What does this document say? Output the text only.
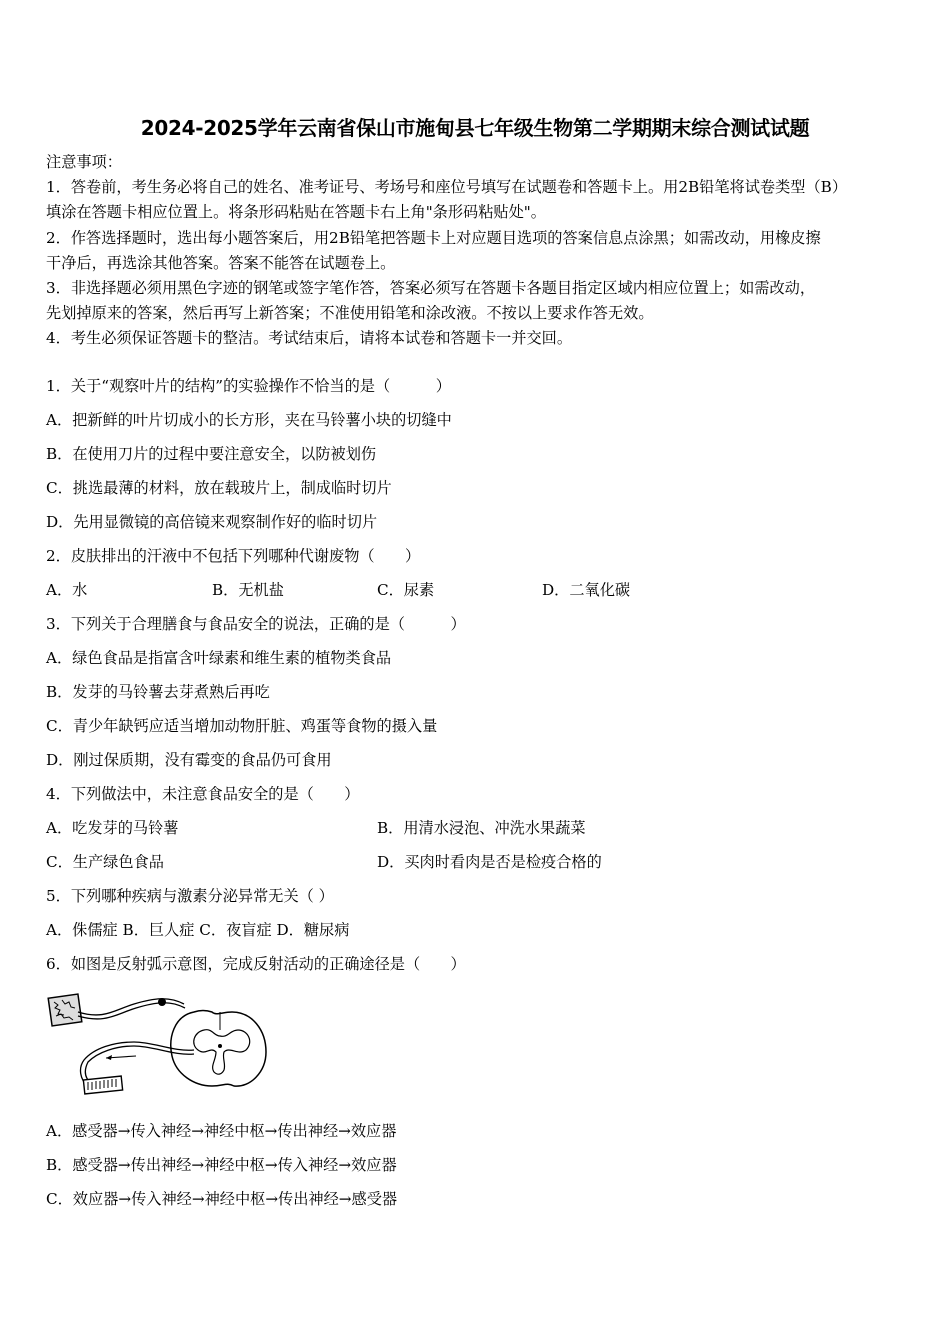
2024-2025学年云南省保山市施甸县七年级生物第二学期期末综合测试试题
注意事项：
1．答卷前，考生务必将自己的姓名、准考证号、考场号和座位号填写在试题卷和答题卡上。用2B铅笔将试卷类型（B）
填涂在答题卡相应位置上。将条形码粘贴在答题卡右上角"条形码粘贴处"。
2．作答选择题时，选出每小题答案后，用2B铅笔把答题卡上对应题目选项的答案信息点涂黑；如需改动，用橡皮擦
干净后，再选涂其他答案。答案不能答在试题卷上。
3．非选择题必须用黑色字迹的钢笔或签字笔作答，答案必须写在答题卡各题目指定区域内相应位置上；如需改动，
先划掉原来的答案，然后再写上新答案；不准使用铅笔和涂改液。不按以上要求作答无效。
4．考生必须保证答题卡的整洁。考试结束后，请将本试卷和答题卡一并交回。
1．关于“观察叶片的结构”的实验操作不恰当的是（　　　）
A．把新鲜的叶片切成小的长方形，夹在马铃薯小块的切缝中
B．在使用刀片的过程中要注意安全，以防被划伤
C．挑选最薄的材料，放在载玻片上，制成临时切片
D．先用显微镜的高倍镜来观察制作好的临时切片
2．皮肤排出的汗液中不包括下列哪种代谢废物（　　）
A．水	B．无机盐	C．尿素	D．二氧化碳
3．下列关于合理膳食与食品安全的说法，正确的是（　　　）
A．绿色食品是指富含叶绿素和维生素的植物类食品
B．发芽的马铃薯去芽煮熟后再吃
C．青少年缺钙应适当增加动物肝脏、鸡蛋等食物的摄入量
D．刚过保质期，没有霉变的食品仍可食用
4．下列做法中，未注意食品安全的是（　　）
A．吃发芽的马铃薯	B．用清水浸泡、冲洗水果蔬菜
C．生产绿色食品	D．买肉时看肉是否是检疫合格的
5．下列哪种疾病与激素分泌异常无关（ ）
A．侏儒症 B．巨人症 C．夜盲症 D．糖尿病
6．如图是反射弧示意图，完成反射活动的正确途径是（　　）
A．感受器→传入神经→神经中枢→传出神经→效应器
B．感受器→传出神经→神经中枢→传入神经→效应器
C．效应器→传入神经→神经中枢→传出神经→感受器
